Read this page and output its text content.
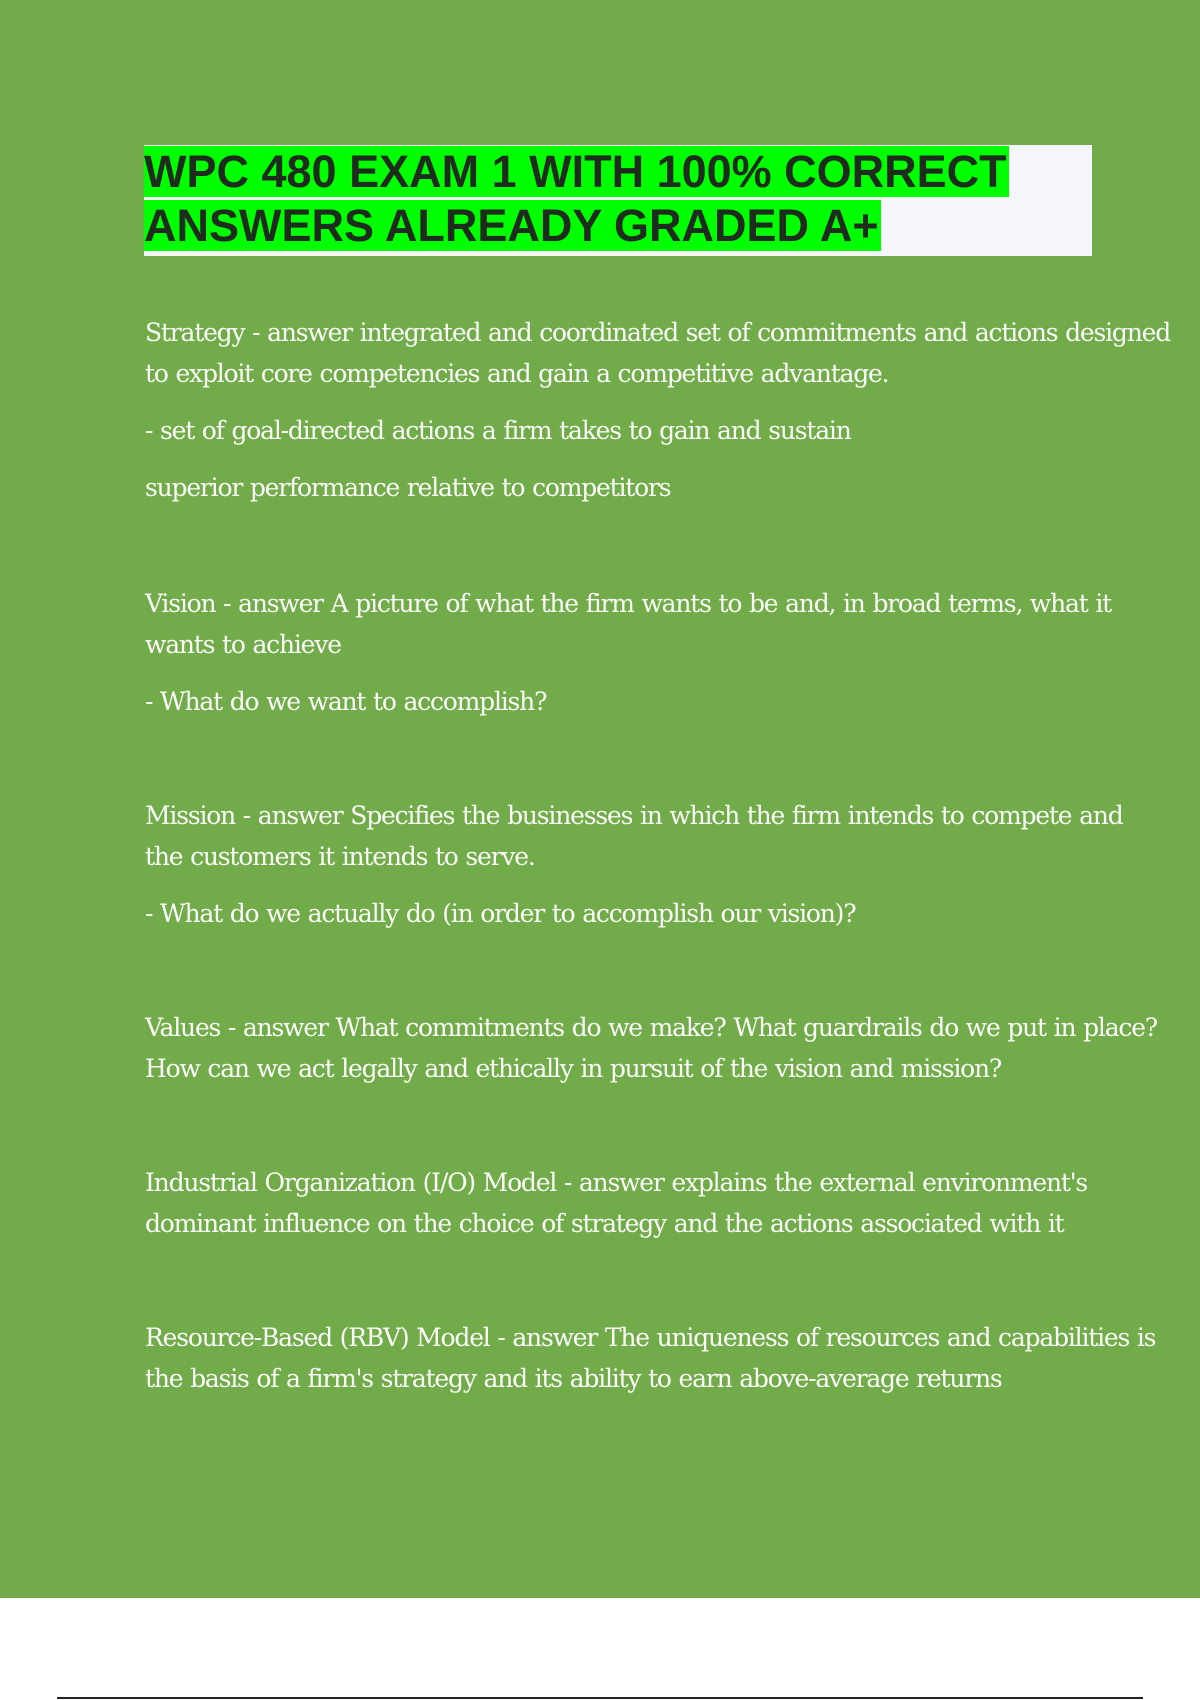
WPC 480 EXAM 1 WITH 100% CORRECT
ANSWERS ALREADY GRADED A+

Strategy - answer integrated and coordinated set of commitments and actions designed
to exploit core competencies and gain a competitive advantage.

- set of goal-directed actions a firm takes to gain and sustain

superior performance relative to competitors

Vision - answer A picture of what the firm wants to be and, in broad terms, what it
wants to achieve

- What do we want to accomplish?

Mission - answer Specifies the businesses in which the firm intends to compete and
the customers it intends to serve.

- What do we actually do (in order to accomplish our vision)?

Values - answer What commitments do we make? What guardrails do we put in place?
How can we act legally and ethically in pursuit of the vision and mission?

Industrial Organization (I/O) Model - answer explains the external environment's
dominant influence on the choice of strategy and the actions associated with it

Resource-Based (RBV) Model - answer The uniqueness of resources and capabilities is
the basis of a firm's strategy and its ability to earn above-average returns
